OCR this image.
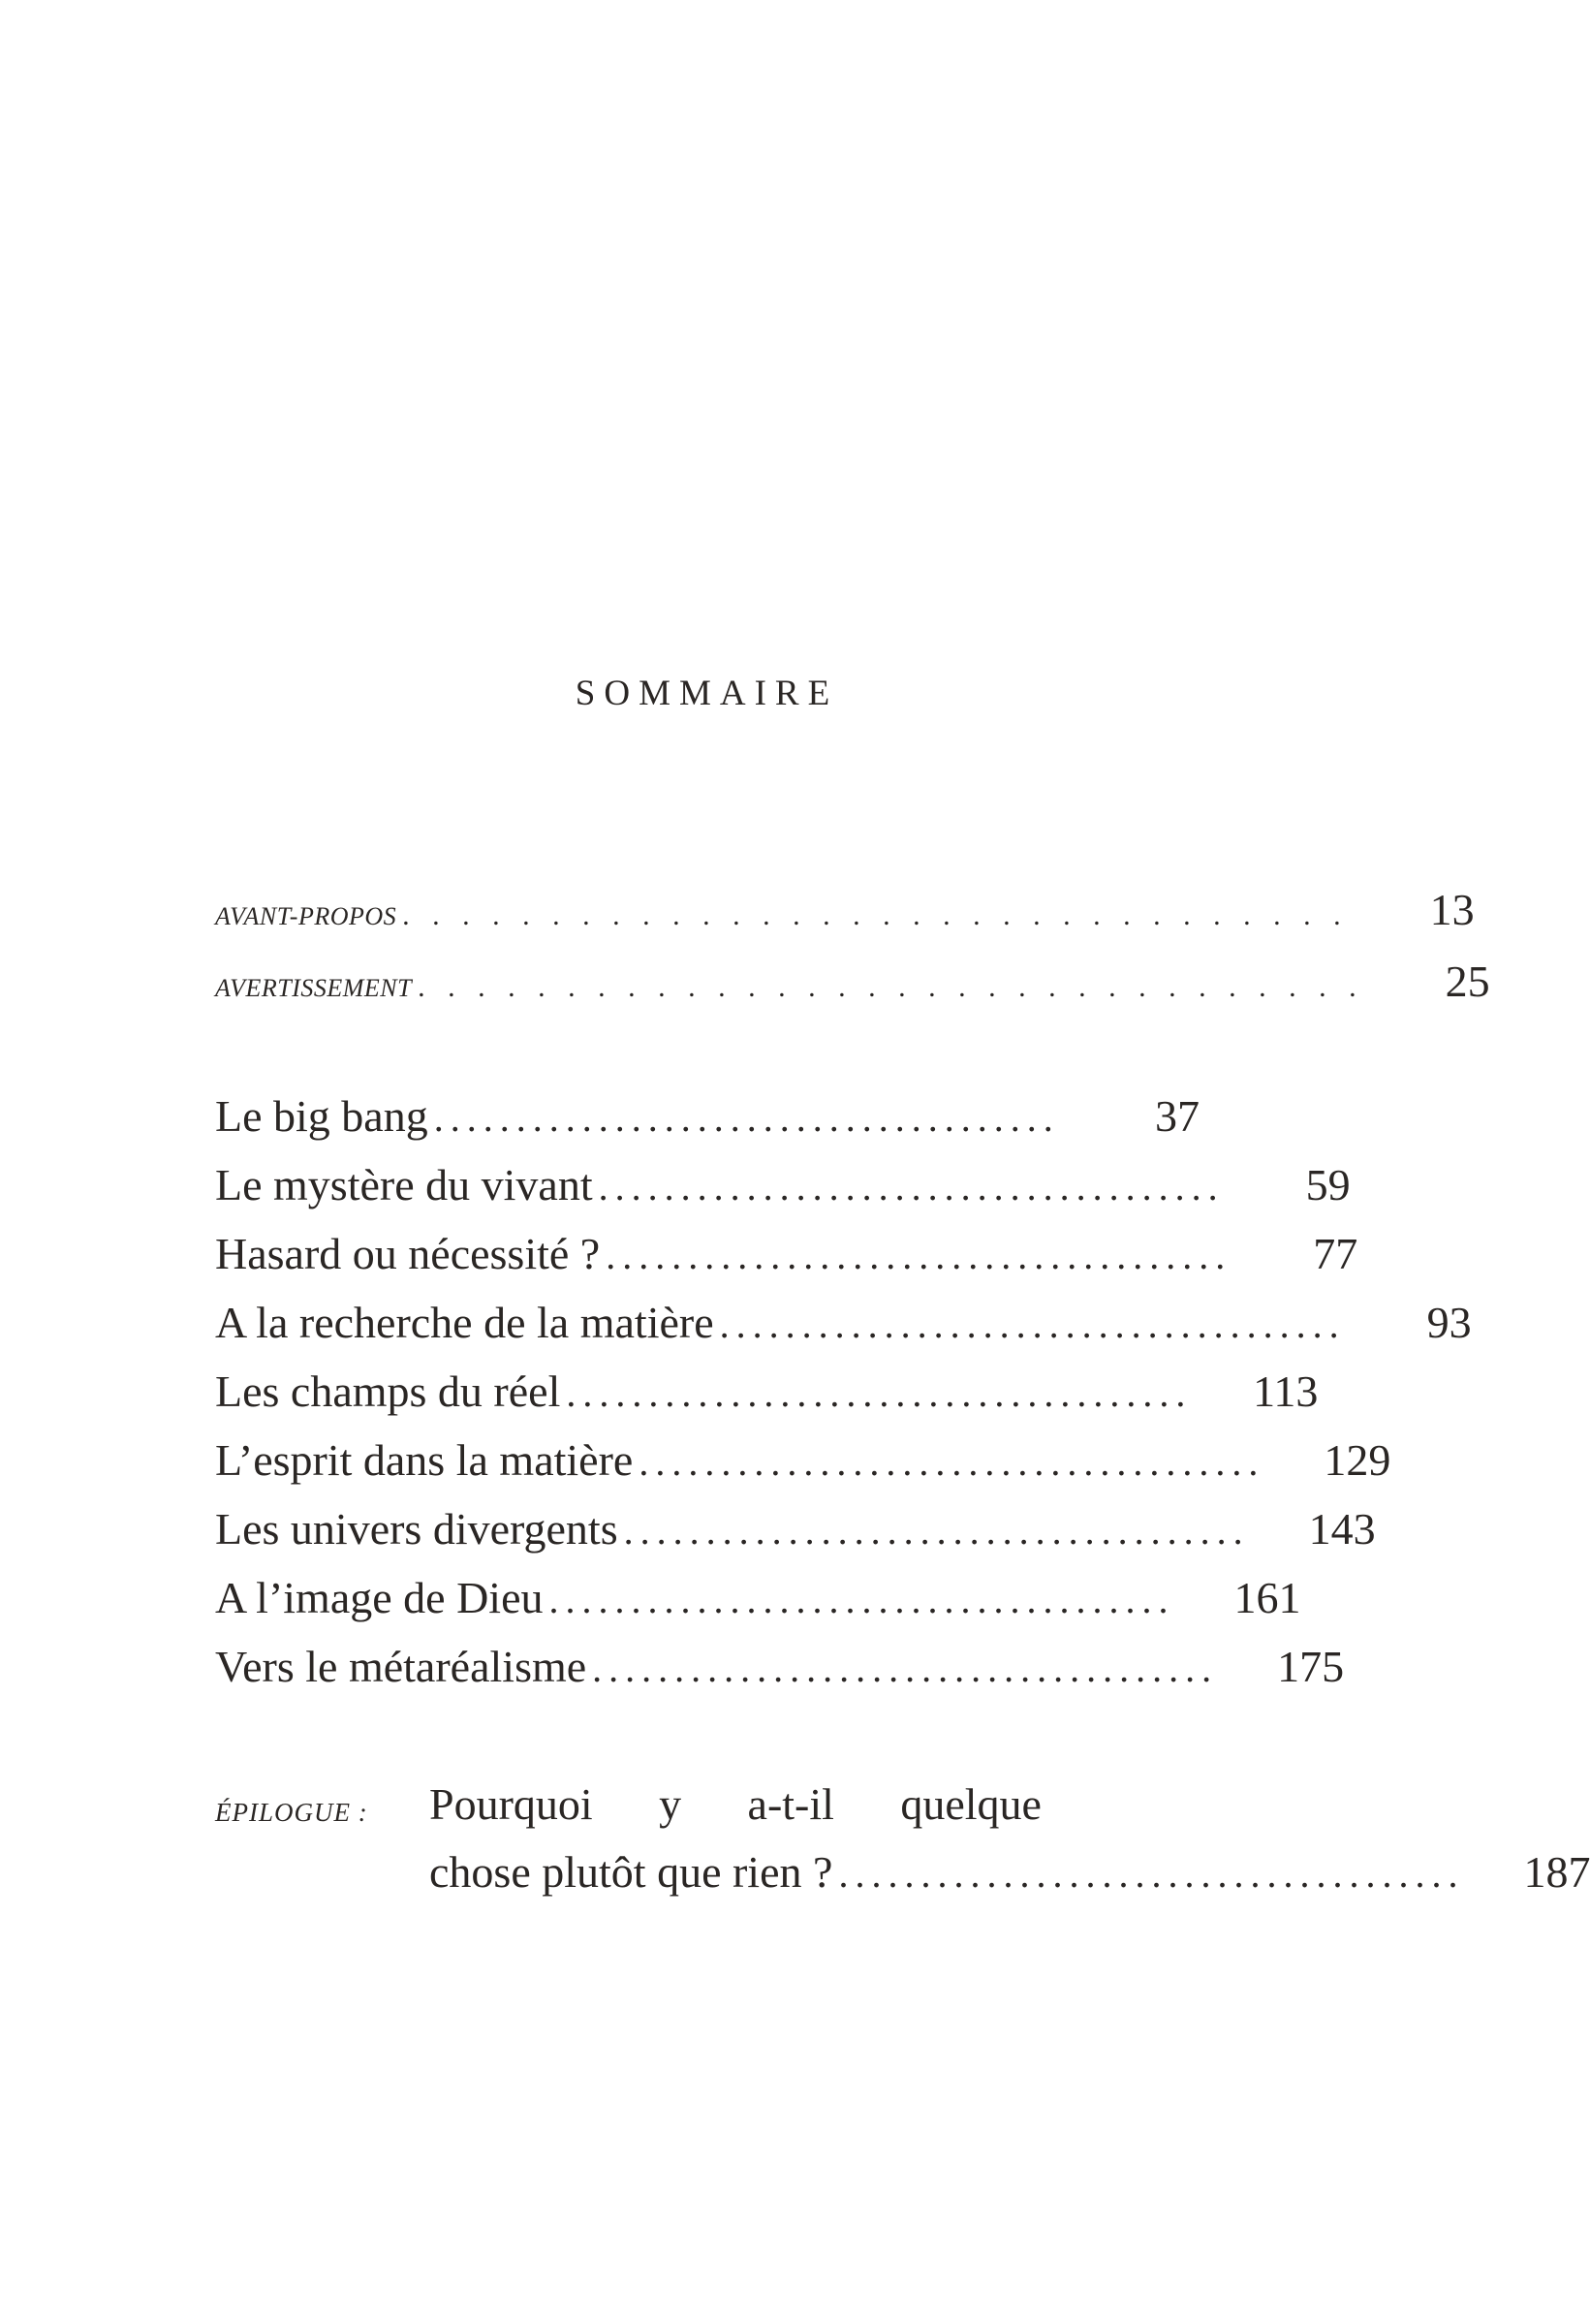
SOMMAIRE
AVANT-PROPOS . . . . . . . . . . . . . . . . . . . . . . . . . . . . . . . .	13
AVERTISSEMENT . . . . . . . . . . . . . . . . . . . . . . . . . . . . . . . .	25
Le big bang ......................................	37
Le mystère du vivant ......................................	59
Hasard ou nécessité ? ......................................	77
A la recherche de la matière ......................................	93
Les champs du réel ......................................	113
L’esprit dans la matière ......................................	129
Les univers divergents ......................................	143
A l’image de Dieu ......................................	161
Vers le métaréalisme ......................................	175
ÉPILOGUE : Pourquoi y a-t-il quelque
chose plutôt que rien ? ......................................	187
